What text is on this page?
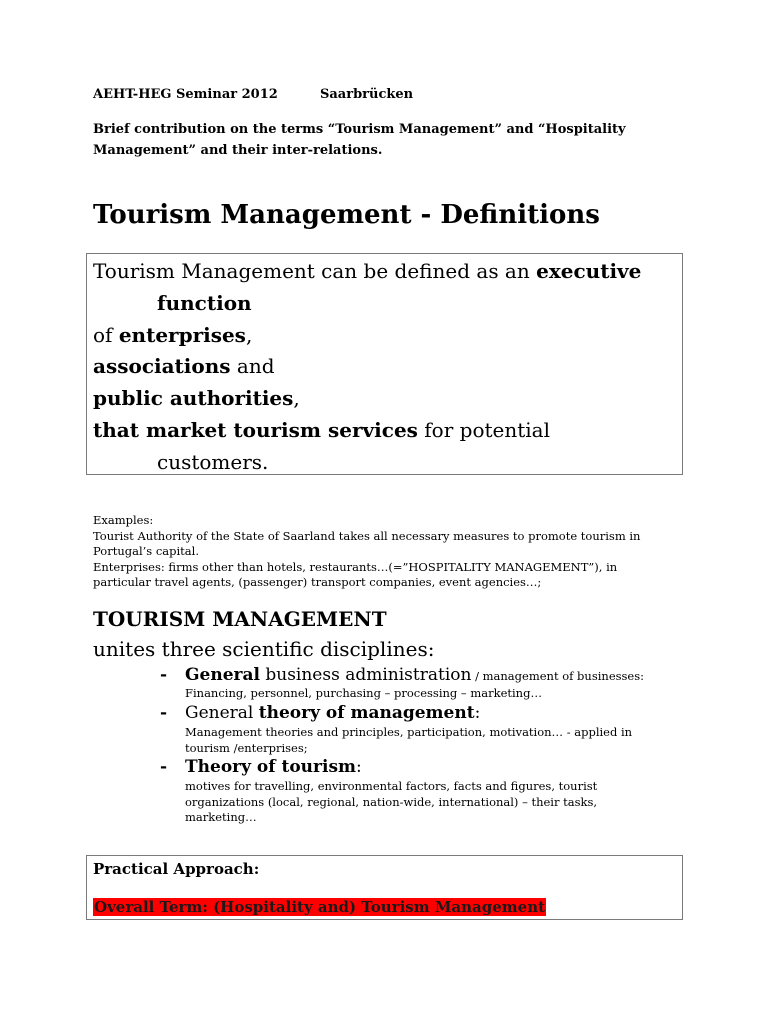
AEHT-HEG Seminar 2012	Saarbrücken
Brief contribution on the terms “Tourism Management” and “Hospitality
Management” and their inter-relations.
Tourism Management - Definitions
Tourism Management can be defined as an executive
function
of enterprises,
associations and
public authorities,
that market tourism services for potential
customers.
Examples:
Tourist Authority of the State of Saarland takes all necessary measures to promote tourism in
Portugal’s capital.
Enterprises: firms other than hotels, restaurants…(=”HOSPITALITY MANAGEMENT”), in
particular travel agents, (passenger) transport companies, event agencies…;
TOURISM MANAGEMENT
unites three scientific disciplines:
- General business administration / management of businesses:
Financing, personnel, purchasing – processing – marketing…
- General theory of management:
Management theories and principles, participation, motivation… - applied in
tourism /enterprises;
- Theory of tourism:
motives for travelling, environmental factors, facts and figures, tourist
organizations (local, regional, nation-wide, international) – their tasks,
marketing…
Practical Approach:
Overall Term: (Hospitality and) Tourism Management
